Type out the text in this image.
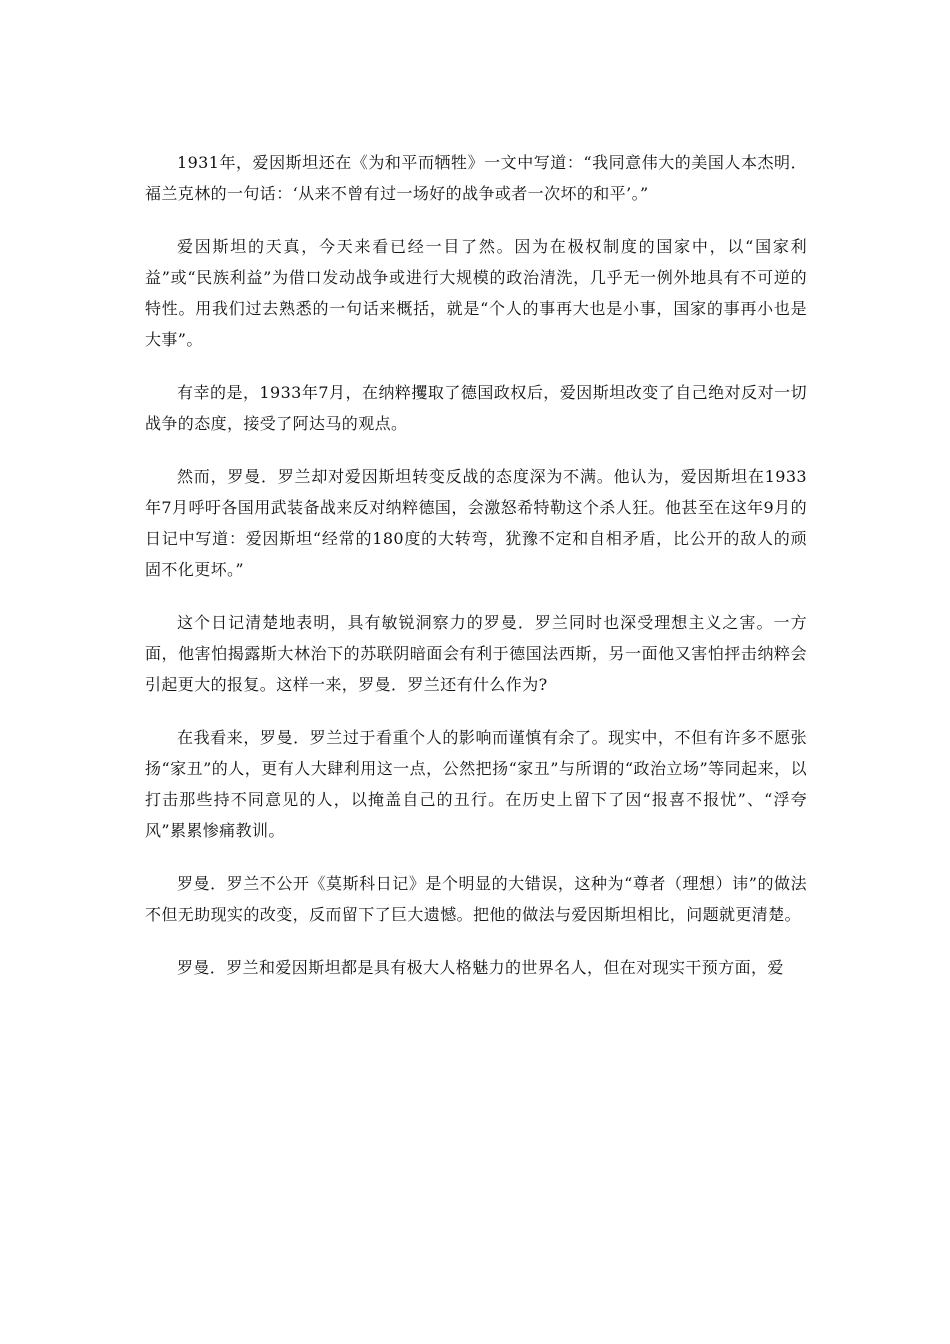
1931年，爱因斯坦还在《为和平而牺牲》一文中写道：“我同意伟大的美国人本杰明．福兰克林的一句话：‘从来不曾有过一场好的战争或者一次坏的和平’。”

爱因斯坦的天真，今天来看已经一目了然。因为在极权制度的国家中，以“国家利益”或“民族利益”为借口发动战争或进行大规模的政治清洗，几乎无一例外地具有不可逆的特性。用我们过去熟悉的一句话来概括，就是“个人的事再大也是小事，国家的事再小也是大事”。

有幸的是，1933年7月，在纳粹攫取了德国政权后，爱因斯坦改变了自己绝对反对一切战争的态度，接受了阿达马的观点。

然而，罗曼．罗兰却对爱因斯坦转变反战的态度深为不满。他认为，爱因斯坦在1933年7月呼吁各国用武装备战来反对纳粹德国，会激怒希特勒这个杀人狂。他甚至在这年9月的日记中写道：爱因斯坦“经常的180度的大转弯，犹豫不定和自相矛盾，比公开的敌人的顽固不化更坏。”

这个日记清楚地表明，具有敏锐洞察力的罗曼．罗兰同时也深受理想主义之害。一方面，他害怕揭露斯大林治下的苏联阴暗面会有利于德国法西斯，另一面他又害怕抨击纳粹会引起更大的报复。这样一来，罗曼．罗兰还有什么作为?

在我看来，罗曼．罗兰过于看重个人的影响而谨慎有余了。现实中，不但有许多不愿张扬“家丑”的人，更有人大肆利用这一点，公然把扬“家丑”与所谓的“政治立场”等同起来，以打击那些持不同意见的人，以掩盖自己的丑行。在历史上留下了因“报喜不报忧”、“浮夸风”累累惨痛教训。

罗曼．罗兰不公开《莫斯科日记》是个明显的大错误，这种为“尊者（理想）讳”的做法不但无助现实的改变，反而留下了巨大遗憾。把他的做法与爱因斯坦相比，问题就更清楚。

罗曼．罗兰和爱因斯坦都是具有极大人格魅力的世界名人，但在对现实干预方面，爱
